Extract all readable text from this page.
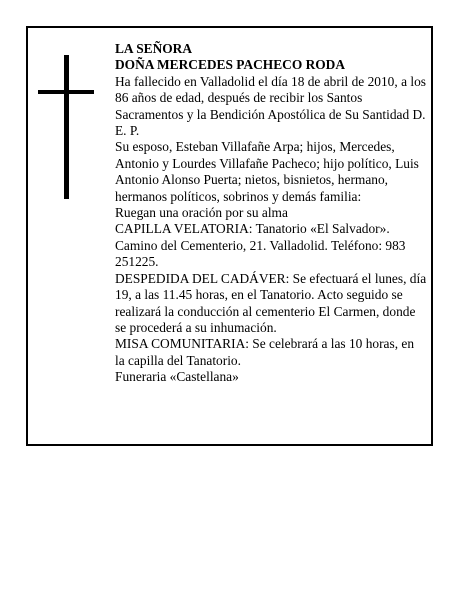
LA SEÑORA

DOÑA MERCEDES PACHECO RODA

Ha fallecido en Valladolid el día 18 de abril de 2010, a los 86 años de edad, después de recibir los Santos Sacramentos y la Bendición Apostólica de Su Santidad D. E. P.

Su esposo, Esteban Villafañe Arpa; hijos, Mercedes, Antonio y Lourdes Villafañe Pacheco; hijo político, Luis Antonio Alonso Puerta; nietos, bisnietos, hermano, hermanos políticos, sobrinos y demás familia:

Ruegan una oración por su alma

CAPILLA VELATORIA: Tanatorio «El Salvador». Camino del Cementerio, 21. Valladolid. Teléfono: 983 251225.

DESPEDIDA DEL CADÁVER: Se efectuará el lunes, día 19, a las 11.45 horas, en el Tanatorio. Acto seguido se realizará la conducción al cementerio El Carmen, donde se procederá a su inhumación.

MISA COMUNITARIA: Se celebrará a las 10 horas, en la capilla del Tanatorio.

Funeraria «Castellana»
